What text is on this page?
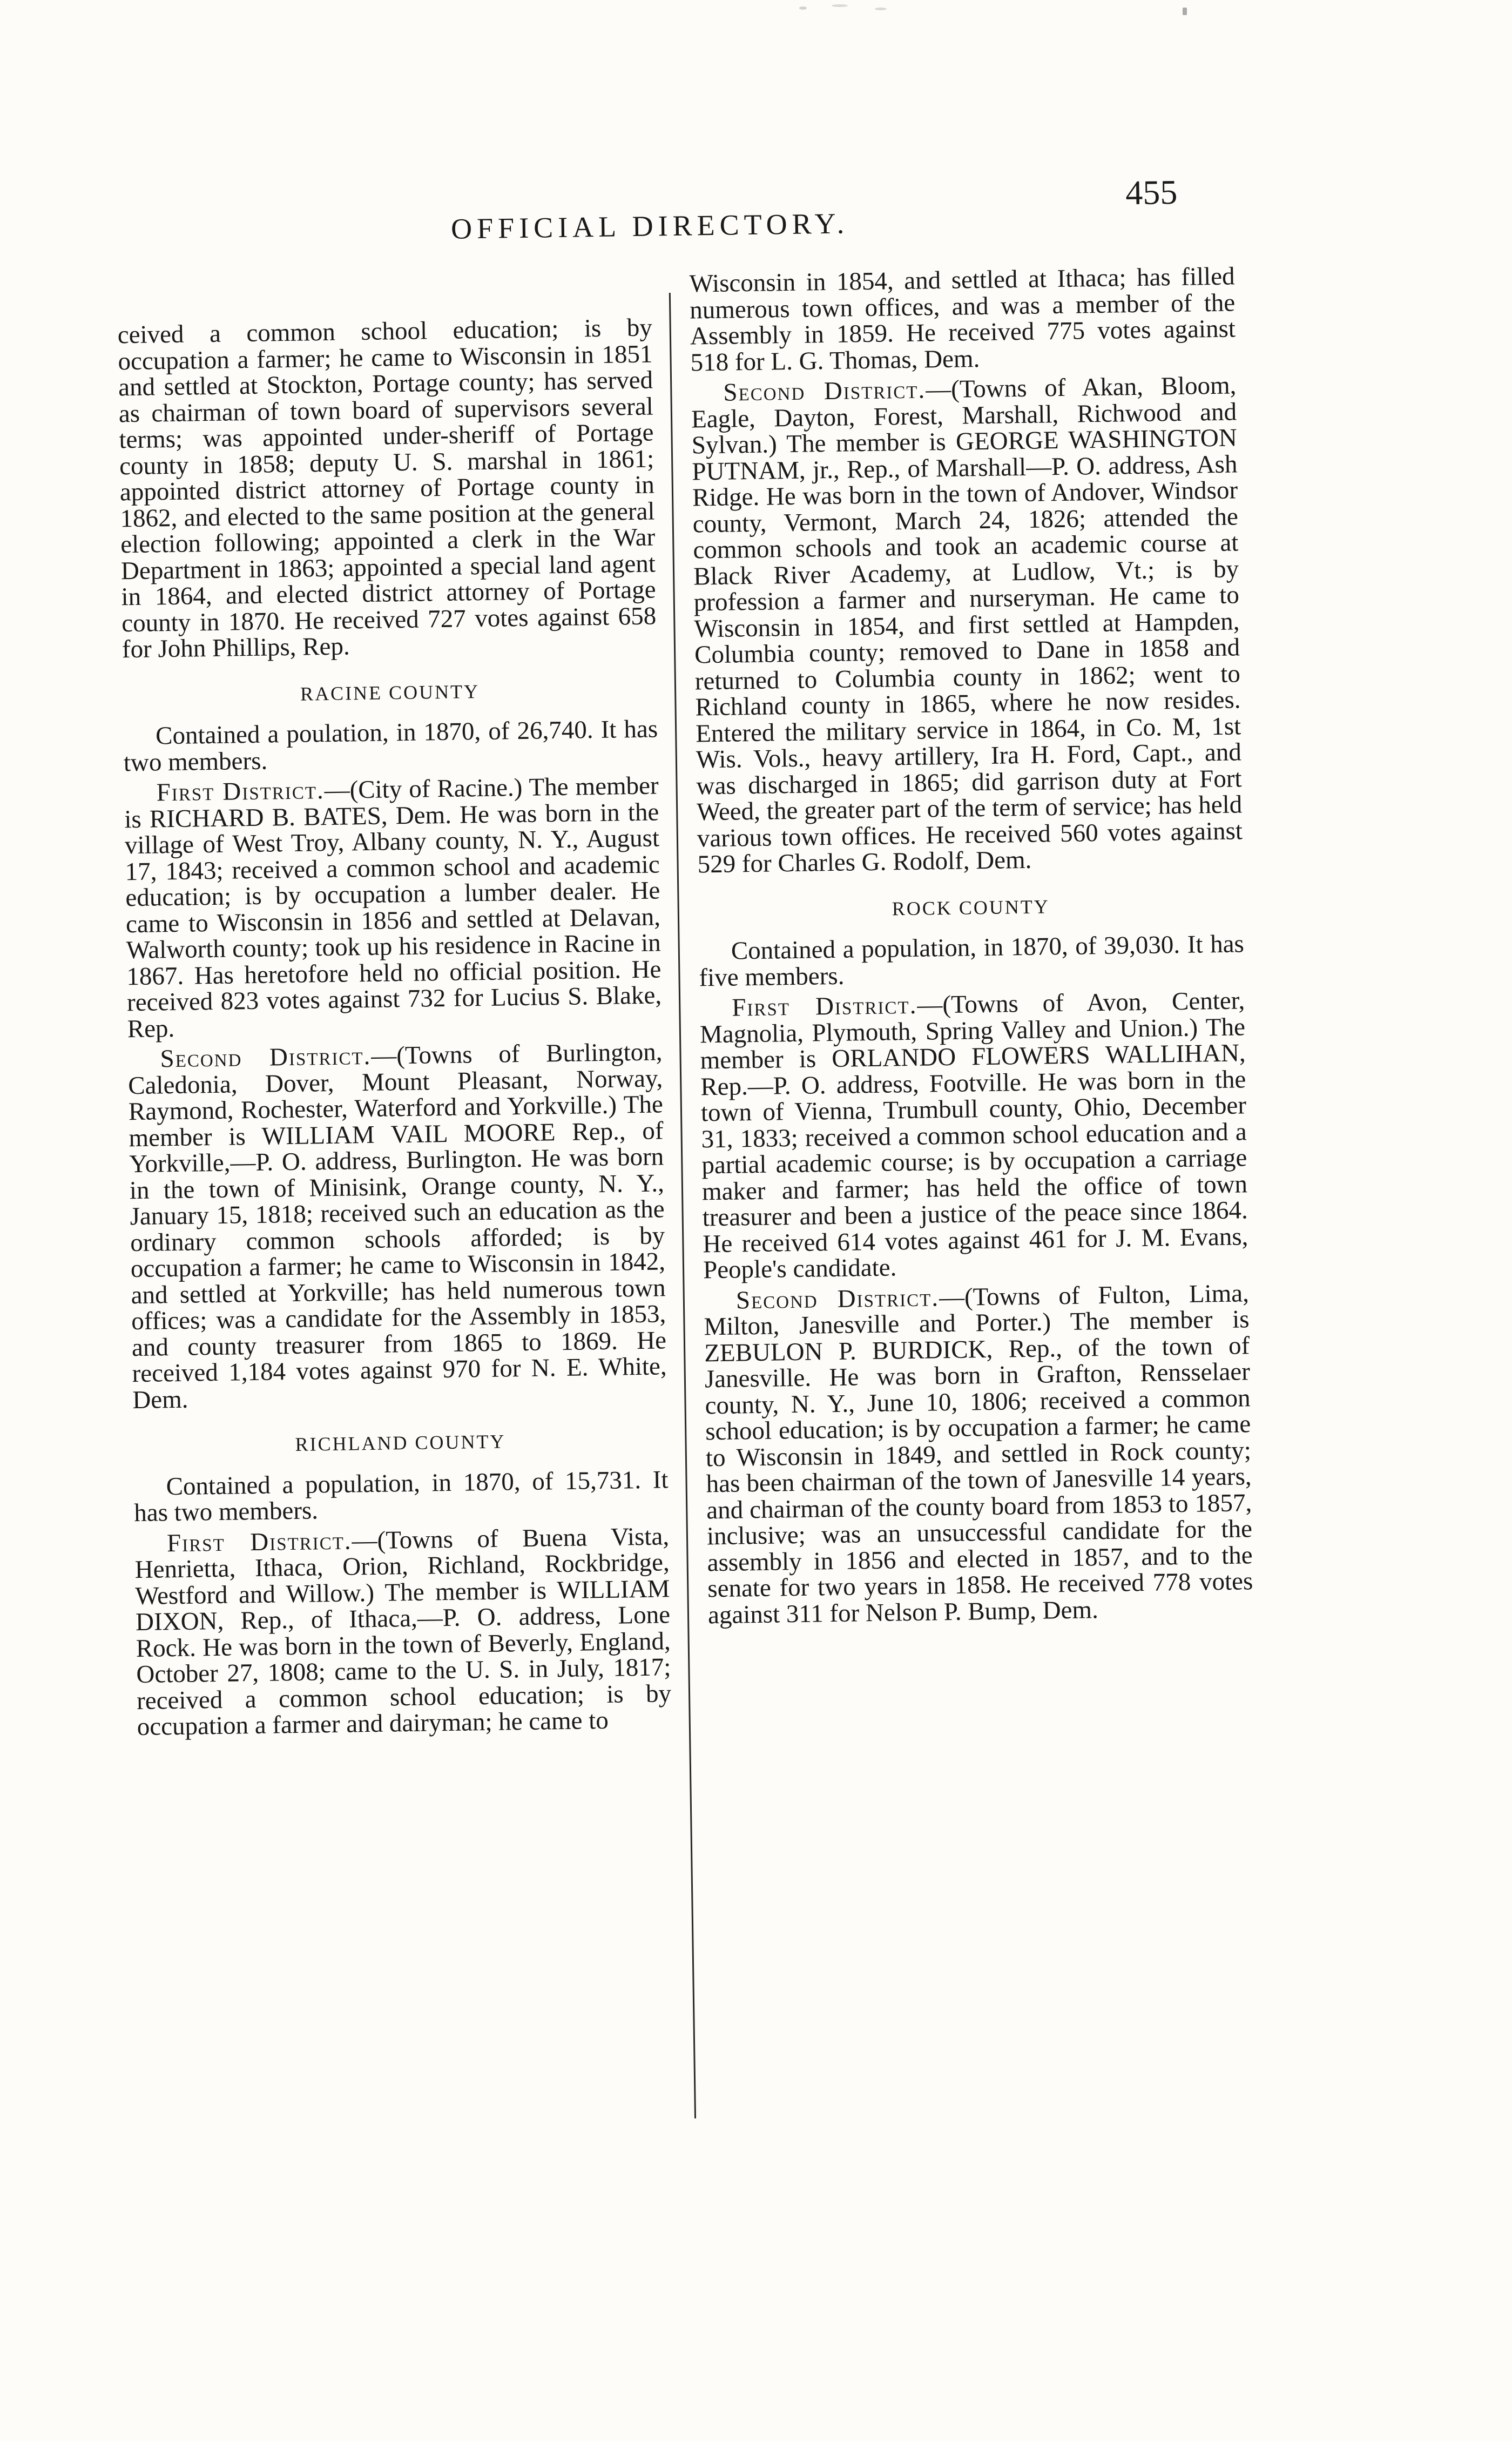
OFFICIAL DIRECTORY.
455

ceived a common school education; is by occupation a farmer; he came to Wisconsin in 1851 and settled at Stockton, Portage county; has served as chairman of town board of supervisors several terms; was appointed under-sheriff of Portage county in 1858; deputy U. S. marshal in 1861; appointed district attorney of Portage county in 1862, and elected to the same position at the general election following; appointed a clerk in the War Department in 1863; appointed a special land agent in 1864, and elected district attorney of Portage county in 1870. He received 727 votes against 658 for John Phillips, Rep.

RACINE COUNTY

Contained a poulation, in 1870, of 26,740. It has two members.

First District.—(City of Racine.) The member is RICHARD B. BATES, Dem. He was born in the village of West Troy, Albany county, N. Y., August 17, 1843; received a common school and academic education; is by occupation a lumber dealer. He came to Wisconsin in 1856 and settled at Delavan, Walworth county; took up his residence in Racine in 1867. Has heretofore held no official position. He received 823 votes against 732 for Lucius S. Blake, Rep.

Second District.—(Towns of Burlington, Caledonia, Dover, Mount Pleasant, Norway, Raymond, Rochester, Waterford and Yorkville.) The member is WILLIAM VAIL MOORE Rep., of Yorkville,—P. O. address, Burlington. He was born in the town of Minisink, Orange county, N. Y., January 15, 1818; received such an education as the ordinary common schools afforded; is by occupation a farmer; he came to Wisconsin in 1842, and settled at Yorkville; has held numerous town offices; was a candidate for the Assembly in 1853, and county treasurer from 1865 to 1869. He received 1,184 votes against 970 for N. E. White, Dem.

RICHLAND COUNTY

Contained a population, in 1870, of 15,731. It has two members.

First District.—(Towns of Buena Vista, Henrietta, Ithaca, Orion, Richland, Rockbridge, Westford and Willow.) The member is WILLIAM DIXON, Rep., of Ithaca,—P. O. address, Lone Rock. He was born in the town of Beverly, England, October 27, 1808; came to the U. S. in July, 1817; received a common school education; is by occupation a farmer and dairyman; he came to

Wisconsin in 1854, and settled at Ithaca; has filled numerous town offices, and was a member of the Assembly in 1859. He received 775 votes against 518 for L. G. Thomas, Dem.

Second District.—(Towns of Akan, Bloom, Eagle, Dayton, Forest, Marshall, Richwood and Sylvan.) The member is GEORGE WASHINGTON PUTNAM, jr., Rep., of Marshall—P. O. address, Ash Ridge. He was born in the town of Andover, Windsor county, Vermont, March 24, 1826; attended the common schools and took an academic course at Black River Academy, at Ludlow, Vt.; is by profession a farmer and nurseryman. He came to Wisconsin in 1854, and first settled at Hampden, Columbia county; removed to Dane in 1858 and returned to Columbia county in 1862; went to Richland county in 1865, where he now resides. Entered the military service in 1864, in Co. M, 1st Wis. Vols., heavy artillery, Ira H. Ford, Capt., and was discharged in 1865; did garrison duty at Fort Weed, the greater part of the term of service; has held various town offices. He received 560 votes against 529 for Charles G. Rodolf, Dem.

ROCK COUNTY

Contained a population, in 1870, of 39,030. It has five members.

First District.—(Towns of Avon, Center, Magnolia, Plymouth, Spring Valley and Union.) The member is ORLANDO FLOWERS WALLIHAN, Rep.—P. O. address, Footville. He was born in the town of Vienna, Trumbull county, Ohio, December 31, 1833; received a common school education and a partial academic course; is by occupation a carriage maker and farmer; has held the office of town treasurer and been a justice of the peace since 1864. He received 614 votes against 461 for J. M. Evans, People's candidate.

Second District.—(Towns of Fulton, Lima, Milton, Janesville and Porter.) The member is ZEBULON P. BURDICK, Rep., of the town of Janesville. He was born in Grafton, Rensselaer county, N. Y., June 10, 1806; received a common school education; is by occupation a farmer; he came to Wisconsin in 1849, and settled in Rock county; has been chairman of the town of Janesville 14 years, and chairman of the county board from 1853 to 1857, inclusive; was an unsuccessful candidate for the assembly in 1856 and elected in 1857, and to the senate for two years in 1858. He received 778 votes against 311 for Nelson P. Bump, Dem.
